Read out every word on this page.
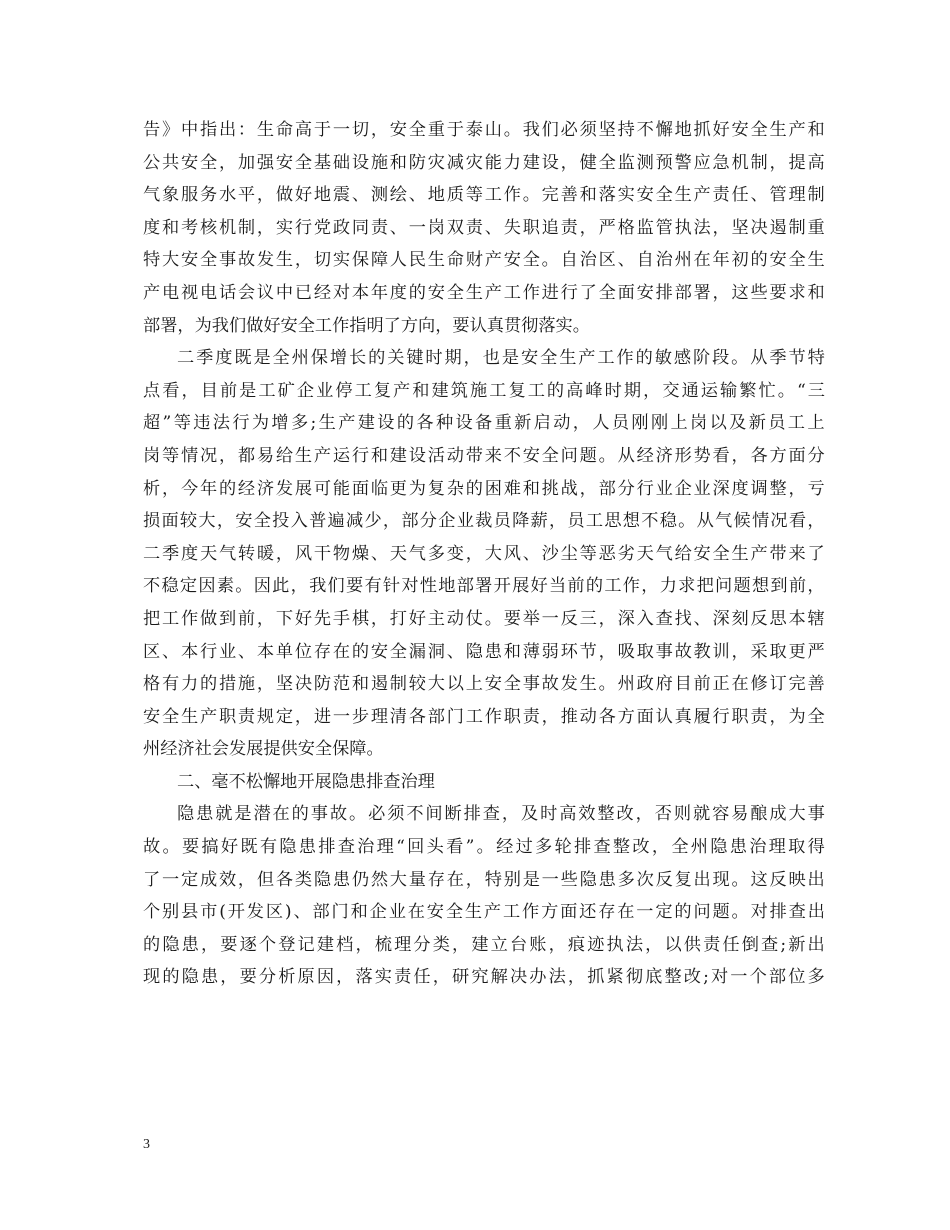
告 》 中 指 出 ： 生 命 高 于 一 切 ， 安 全 重 于 泰 山 。 我 们 必 须 坚 持 不 懈 地 抓 好 安 全 生 产 和
公 共 安 全 ， 加 强 安 全 基 础 设 施 和 防 灾 减 灾 能 力 建 设 ， 健 全 监 测 预 警 应 急 机 制 ， 提 高
气 象 服 务 水 平 ， 做 好 地 震 、 测 绘 、 地 质 等 工 作 。 完 善 和 落 实 安 全 生 产 责 任 、 管 理 制
度 和 考 核 机 制 ， 实 行 党 政 同 责 、 一 岗 双 责 、 失 职 追 责 ， 严 格 监 管 执 法 ， 坚 决 遏 制 重
特 大 安 全 事 故 发 生 ， 切 实 保 障 人 民 生 命 财 产 安 全 。 自 治 区 、 自 治 州 在 年 初 的 安 全 生
产 电 视 电 话 会 议 中 已 经 对 本 年 度 的 安 全 生 产 工 作 进 行 了 全 面 安 排 部 署 ， 这 些 要 求 和
部署，为我们做好安全工作指明了方向，要认真贯彻落实。
二 季 度 既 是 全 州 保 增 长 的 关 键 时 期 ， 也 是 安 全 生 产 工 作 的 敏 感 阶 段 。 从 季 节 特
点 看 ， 目 前 是 工 矿 企 业 停 工 复 产 和 建 筑 施 工 复 工 的 高 峰 时 期 ， 交 通 运 输 繁 忙 。 “ 三
超 ” 等 违 法 行 为 增 多 ; 生 产 建 设 的 各 种 设 备 重 新 启 动 ， 人 员 刚 刚 上 岗 以 及 新 员 工 上
岗 等 情 况 ， 都 易 给 生 产 运 行 和 建 设 活 动 带 来 不 安 全 问 题 。 从 经 济 形 势 看 ， 各 方 面 分
析 ， 今 年 的 经 济 发 展 可 能 面 临 更 为 复 杂 的 困 难 和 挑 战 ， 部 分 行 业 企 业 深 度 调 整 ， 亏
损 面 较 大 ， 安 全 投 入 普 遍 减 少 ， 部 分 企 业 裁 员 降 薪 ， 员 工 思 想 不 稳 。 从 气 候 情 况 看 ，
二 季 度 天 气 转 暖 ， 风 干 物 燥 、 天 气 多 变 ， 大 风 、 沙 尘 等 恶 劣 天 气 给 安 全 生 产 带 来 了
不 稳 定 因 素 。 因 此 ， 我 们 要 有 针 对 性 地 部 署 开 展 好 当 前 的 工 作 ， 力 求 把 问 题 想 到 前 ，
把 工 作 做 到 前 ， 下 好 先 手 棋 ， 打 好 主 动 仗 。 要 举 一 反 三 ， 深 入 查 找 、 深 刻 反 思 本 辖
区 、 本 行 业 、 本 单 位 存 在 的 安 全 漏 洞 、 隐 患 和 薄 弱 环 节 ， 吸 取 事 故 教 训 ， 采 取 更 严
格 有 力 的 措 施 ， 坚 决 防 范 和 遏 制 较 大 以 上 安 全 事 故 发 生 。 州 政 府 目 前 正 在 修 订 完 善
安 全 生 产 职 责 规 定 ， 进 一 步 理 清 各 部 门 工 作 职 责 ， 推 动 各 方 面 认 真 履 行 职 责 ， 为 全
州经济社会发展提供安全保障。
二、毫不松懈地开展隐患排查治理
隐 患 就 是 潜 在 的 事 故 。 必 须 不 间 断 排 查 ， 及 时 高 效 整 改 ， 否 则 就 容 易 酿 成 大 事
故 。 要 搞 好 既 有 隐 患 排 查 治 理 “ 回 头 看 ” 。 经 过 多 轮 排 查 整 改 ， 全 州 隐 患 治 理 取 得
了 一 定 成 效 ， 但 各 类 隐 患 仍 然 大 量 存 在 ， 特 别 是 一 些 隐 患 多 次 反 复 出 现 。 这 反 映 出
个 别 县 市 ( 开 发 区 ) 、 部 门 和 企 业 在 安 全 生 产 工 作 方 面 还 存 在 一 定 的 问 题 。 对 排 查 出
的 隐 患 ， 要 逐 个 登 记 建 档 ， 梳 理 分 类 ， 建 立 台 账 ， 痕 迹 执 法 ， 以 供 责 任 倒 查 ; 新 出
现 的 隐 患 ， 要 分 析 原 因 ， 落 实 责 任 ， 研 究 解 决 办 法 ， 抓 紧 彻 底 整 改 ; 对 一 个 部 位 多
3
